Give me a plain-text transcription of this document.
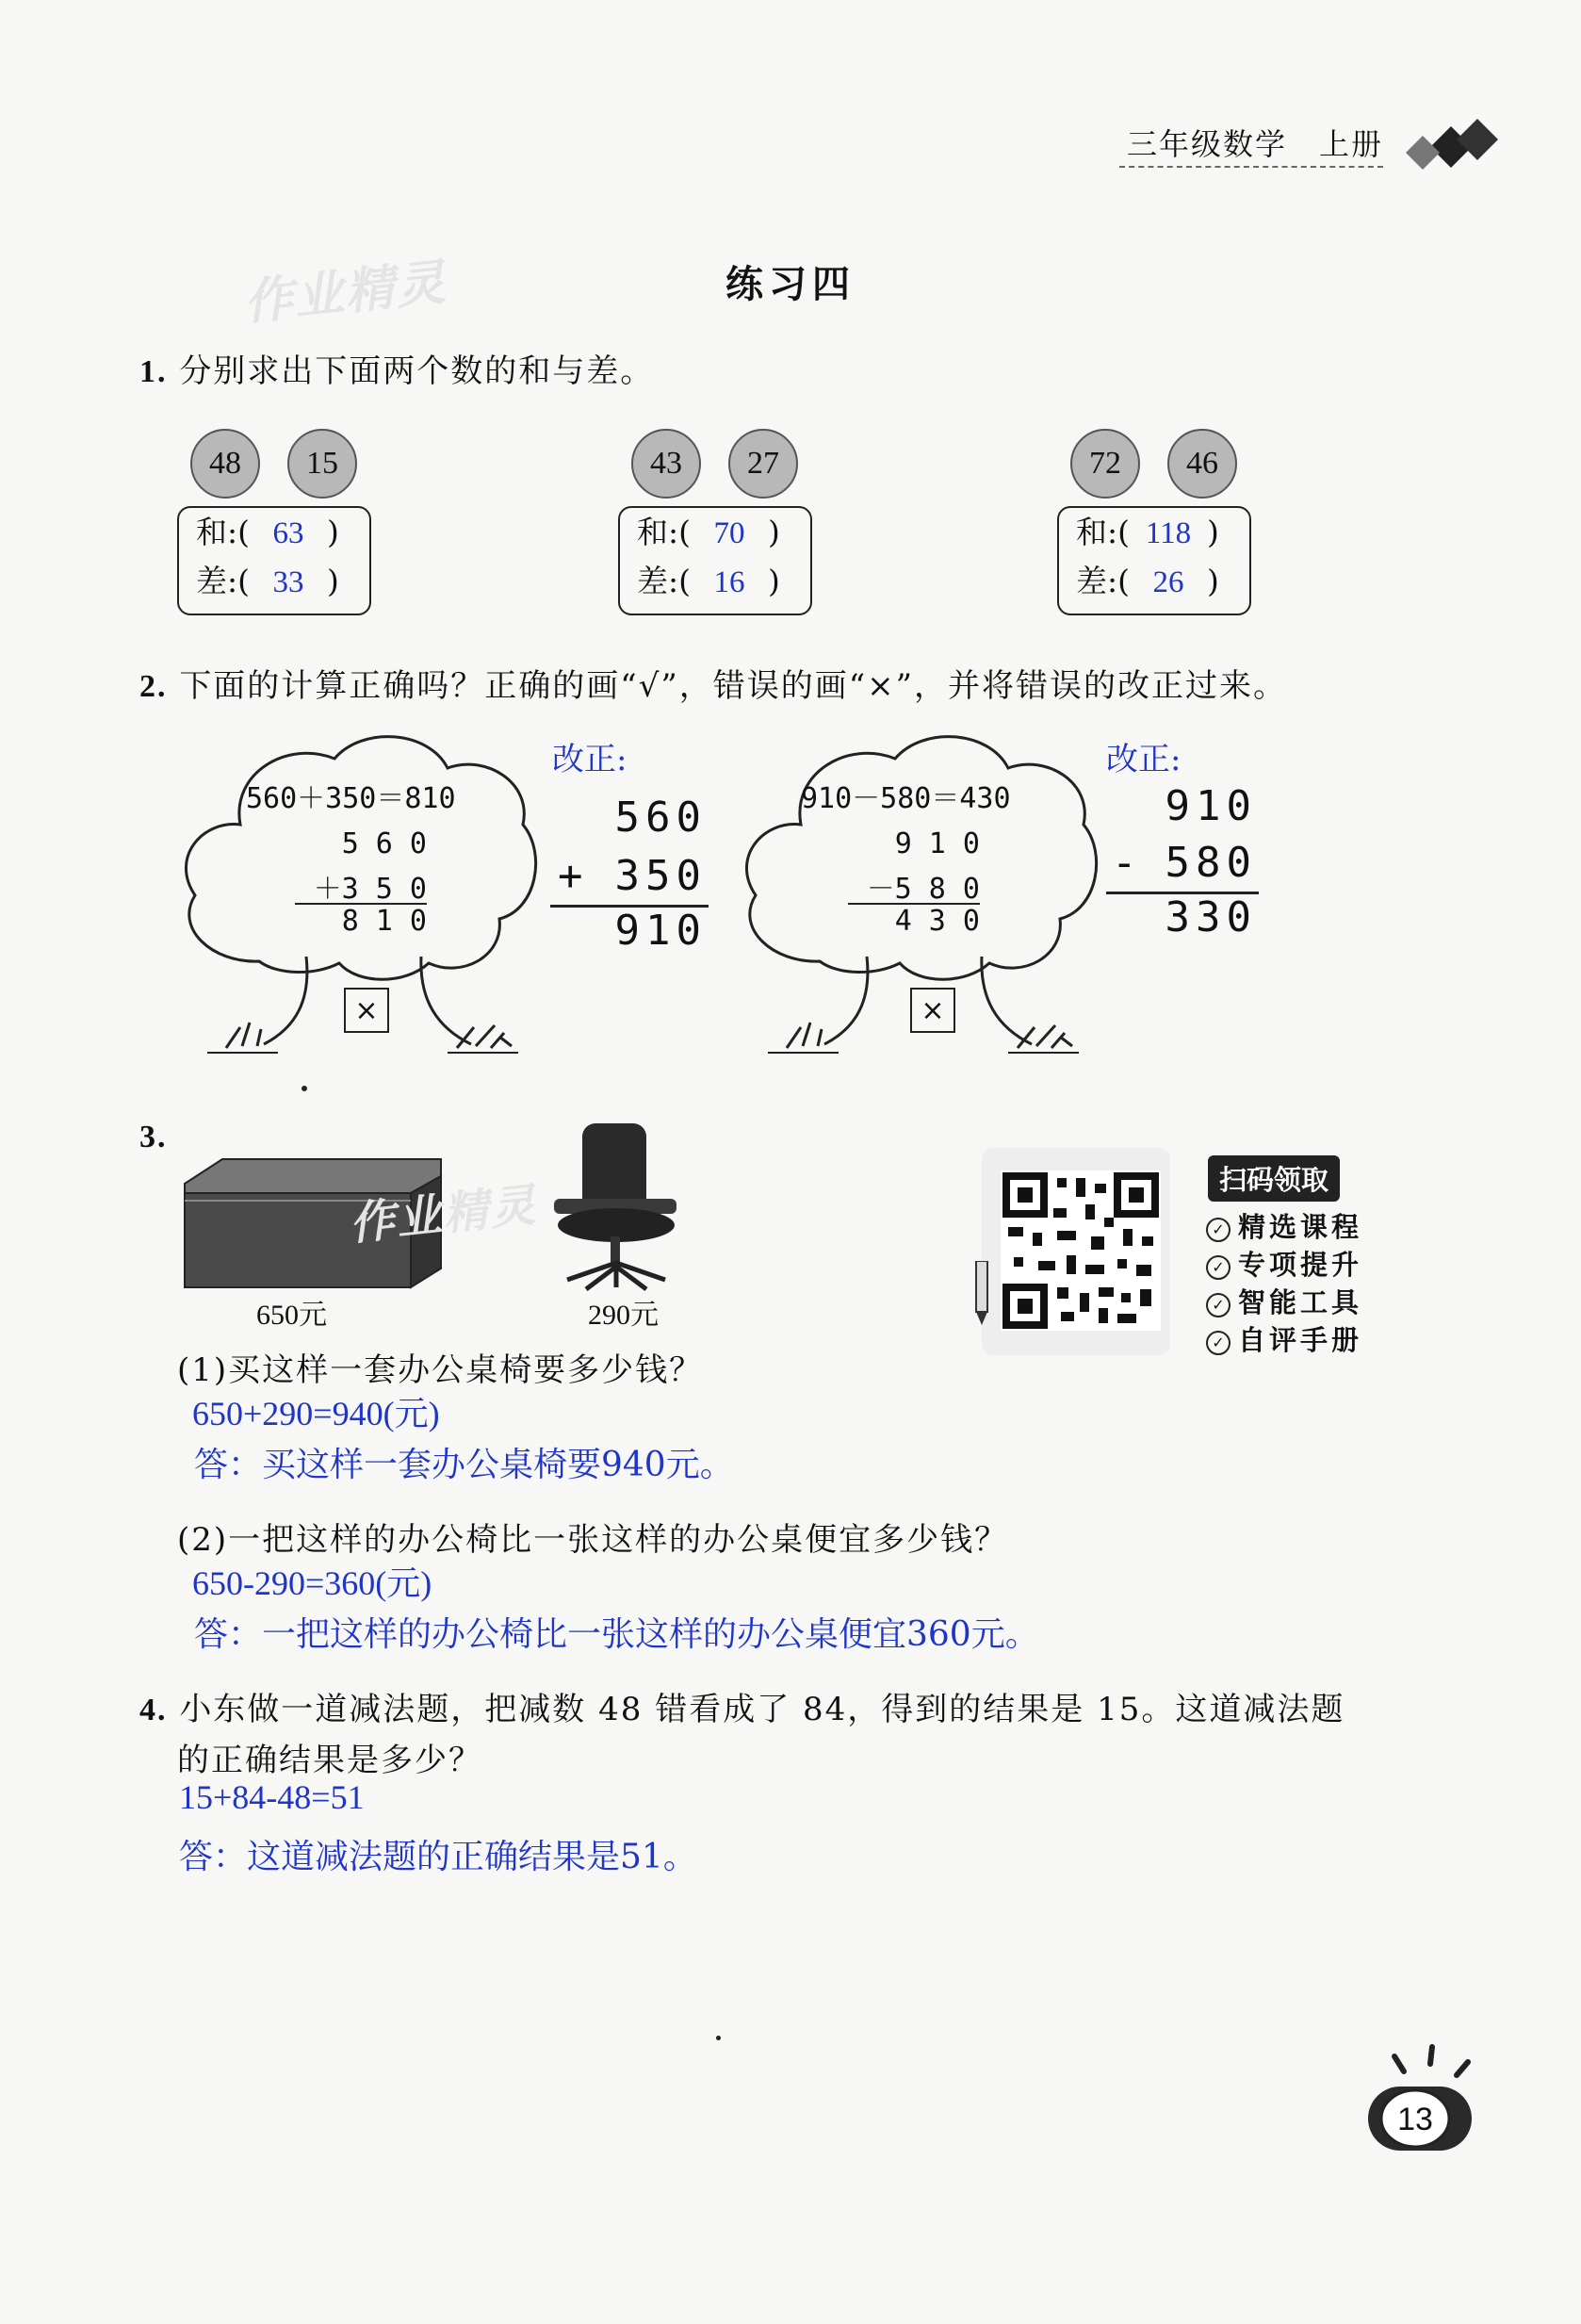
三年级数学　上册
练习四
作业精灵
1. 分别求出下面两个数的和与差。
48	15
和:( 63 )
差:( 33 )
43	27
和:( 70 )
差:( 16 )
72	46
和:( 118 )
差:( 26 )
2. 下面的计算正确吗？正确的画“√”，错误的画“×”，并将错误的改正过来。
560＋350＝810
5 6 0
＋3 5 0
8 1 0
×
改正:
560
+ 350
910
910－580＝430
9 1 0
－5 8 0
4 3 0
×
改正:
910
- 580
330
3.
650元	290元
作业精灵	扫码领取
✓ 精选课程
✓ 专项提升
✓ 智能工具
✓ 自评手册
(1)买这样一套办公桌椅要多少钱？
650+290=940(元)
答：买这样一套办公桌椅要940元。
(2)一把这样的办公椅比一张这样的办公桌便宜多少钱？
650-290=360(元)
答：一把这样的办公椅比一张这样的办公桌便宜360元。
4. 小东做一道减法题，把减数 48 错看成了 84，得到的结果是 15。这道减法题
的正确结果是多少？
15+84-48=51
答：这道减法题的正确结果是51。
13
